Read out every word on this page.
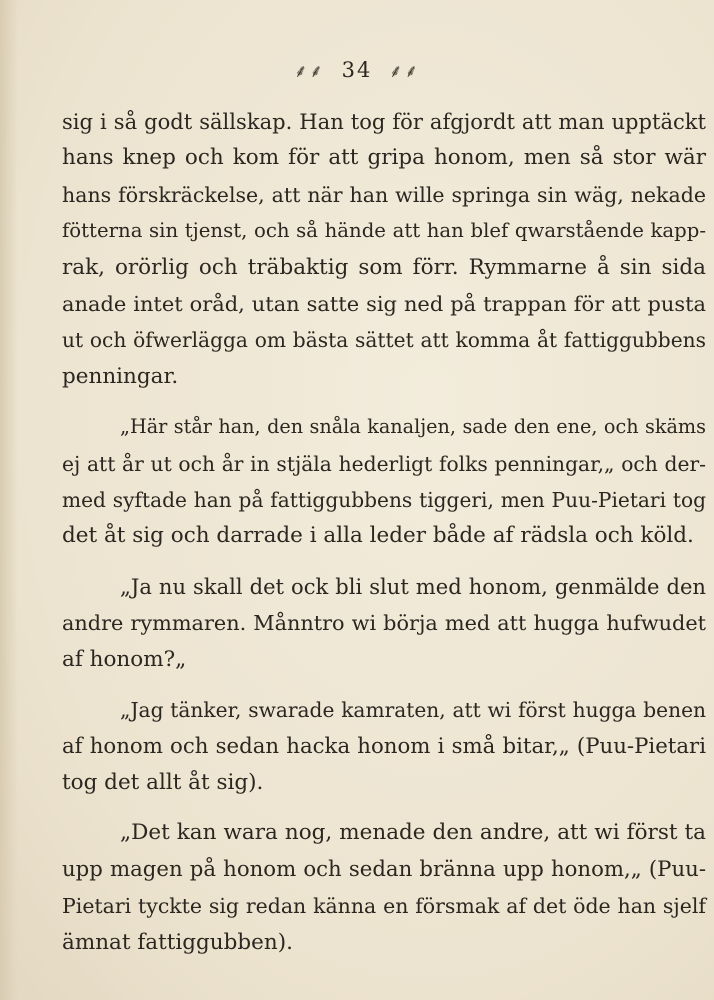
⸙⸙ 34 ⸙⸙
sig i så godt sällskap. Han tog för afgjordt att man upptäckt
hans knep och kom för att gripa honom, men så stor wär
hans förskräckelse, att när han wille springa sin wäg, nekade
fötterna sin tjenst, och så hände att han blef qwarstående kapp-
rak, orörlig och träbaktig som förr. Rymmarne å sin sida
anade intet oråd, utan satte sig ned på trappan för att pusta
ut och öfwerlägga om bästa sättet att komma åt fattiggubbens
penningar.
„Här står han, den snåla kanaljen, sade den ene, och skäms
ej att år ut och år in stjäla hederligt folks penningar,„ och der-
med syftade han på fattiggubbens tiggeri, men Puu-Pietari tog
det åt sig och darrade i alla leder både af rädsla och köld.
„Ja nu skall det ock bli slut med honom, genmälde den
andre rymmaren. Månntro wi börja med att hugga hufwudet
af honom?„
„Jag tänker, swarade kamraten, att wi först hugga benen
af honom och sedan hacka honom i små bitar,„ (Puu-Pietari
tog det allt åt sig).
„Det kan wara nog, menade den andre, att wi först ta
upp magen på honom och sedan bränna upp honom,„ (Puu-
Pietari tyckte sig redan känna en försmak af det öde han sjelf
ämnat fattiggubben).
